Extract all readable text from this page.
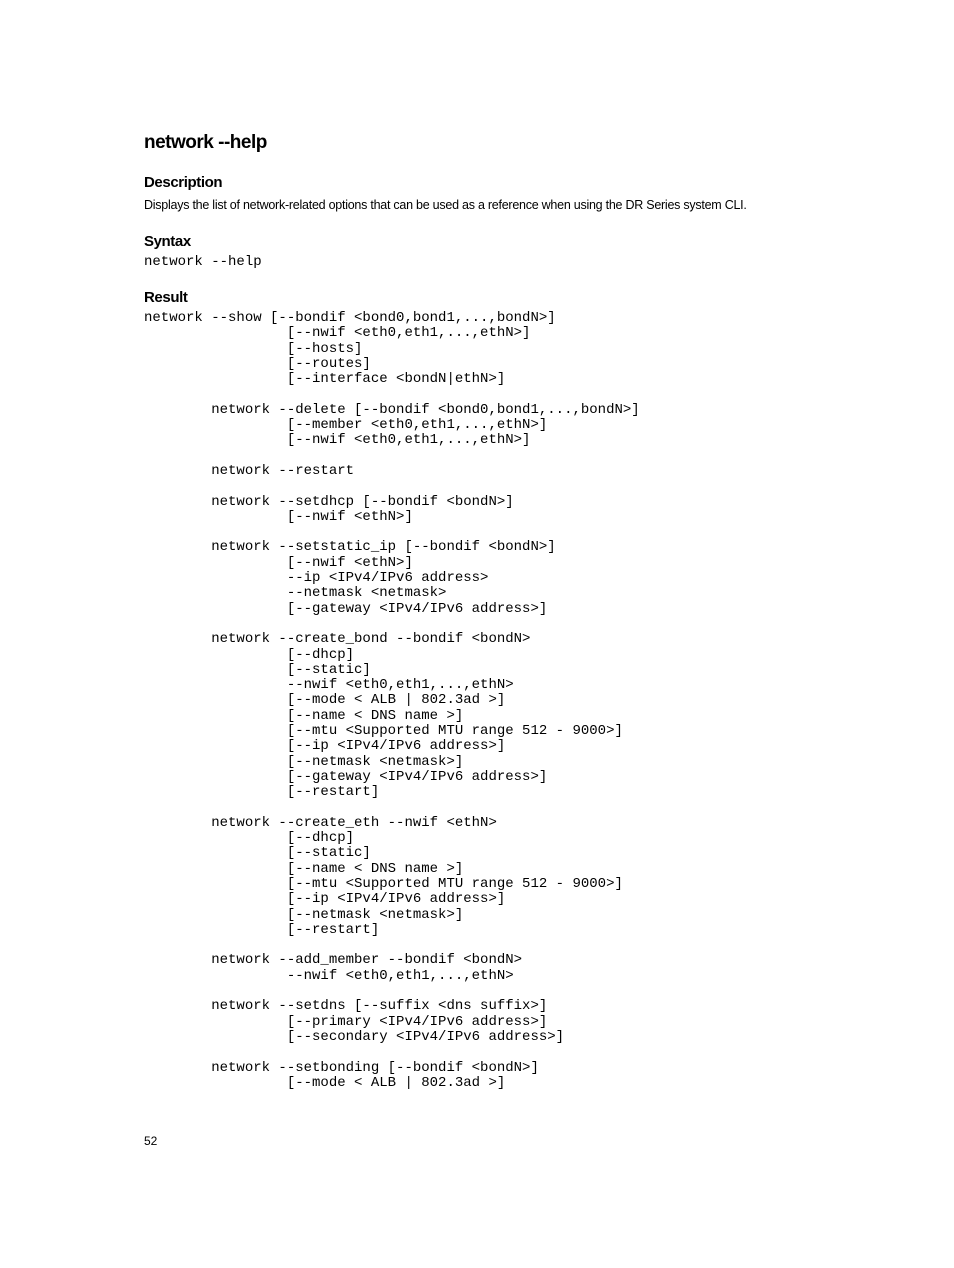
network --help
Description

Displays the list of network-related options that can be used as a reference when using the DR Series system CLI.

Syntax
network --help
Result
network --show [--bondif <bond0,bond1,...,bondN>]
[--nwif <eth0,eth1,...,ethN>]
[--hosts]
[--routes]
[--interface <bondN|ethN>]

network --delete [--bondif <bond0,bond1,...,bondN>]
[--member <eth0,eth1,...,ethN>]
[--nwif <eth0,eth1,...,ethN>]

network --restart

network --setdhcp [--bondif <bondN>]
[--nwif <ethN>]

network --setstatic_ip [--bondif <bondN>]
[--nwif <ethN>]
--ip <IPv4/IPv6 address>
--netmask <netmask>
[--gateway <IPv4/IPv6 address>]

network --create_bond --bondif <bondN>
[--dhcp]
[--static]
--nwif <eth0,eth1,...,ethN>
[--mode < ALB | 802.3ad >]
[--name < DNS name >]
[--mtu <Supported MTU range 512 - 9000>]
[--ip <IPv4/IPv6 address>]
[--netmask <netmask>]
[--gateway <IPv4/IPv6 address>]
[--restart]

network --create_eth --nwif <ethN>
[--dhcp]
[--static]
[--name < DNS name >]
[--mtu <Supported MTU range 512 - 9000>]
[--ip <IPv4/IPv6 address>]
[--netmask <netmask>]
[--restart]

network --add_member --bondif <bondN>
--nwif <eth0,eth1,...,ethN>

network --setdns [--suffix <dns suffix>]
[--primary <IPv4/IPv6 address>]
[--secondary <IPv4/IPv6 address>]

network --setbonding [--bondif <bondN>]
[--mode < ALB | 802.3ad >]

52
